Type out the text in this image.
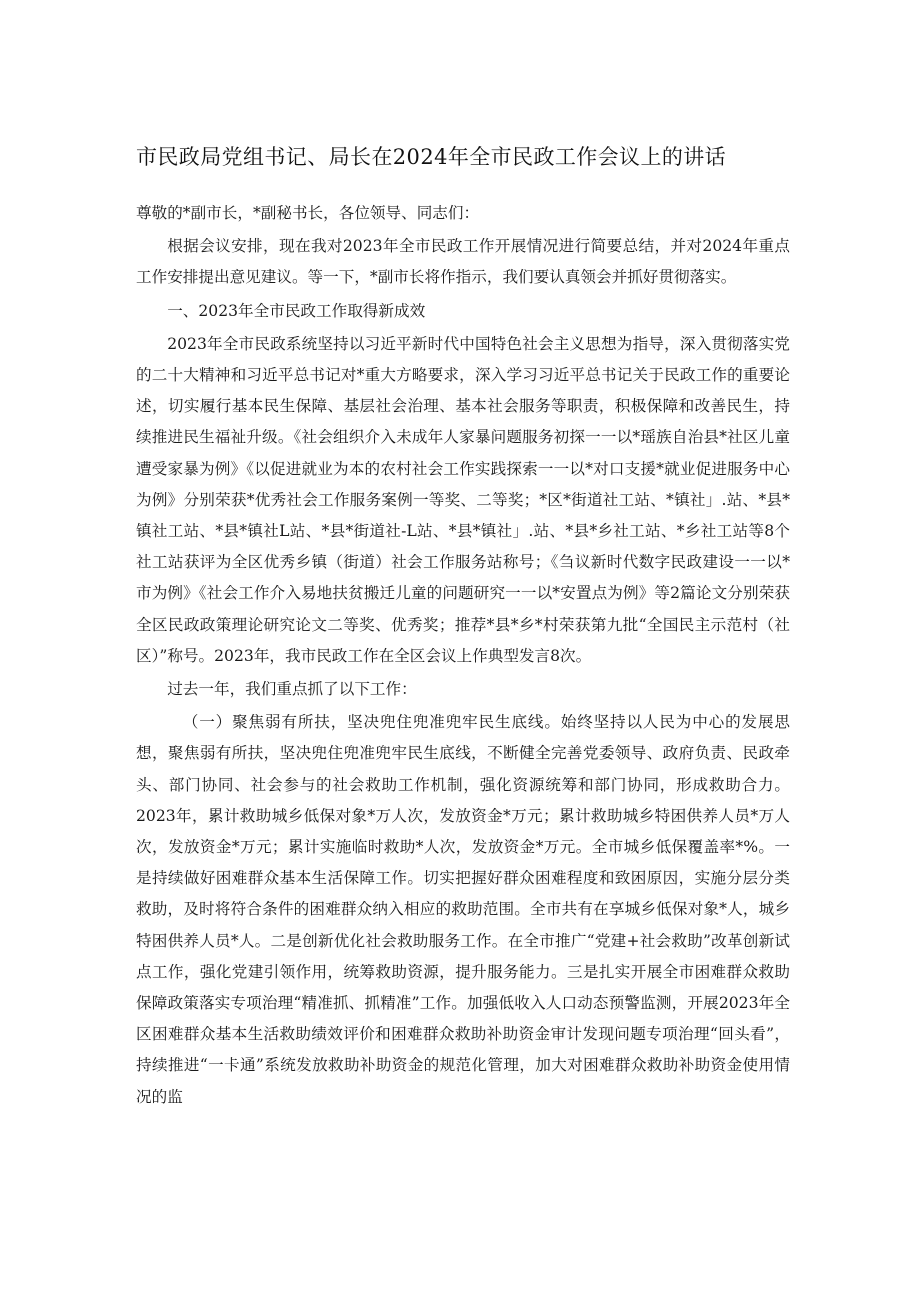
市民政局党组书记、局长在2024年全市民政工作会议上的讲话

尊敬的*副市长，*副秘书长，各位领导、同志们：

根据会议安排，现在我对2023年全市民政工作开展情况进行简要总结，并对2024年重点工作安排提出意见建议。等一下，*副市长将作指示，我们要认真领会并抓好贯彻落实。

一、2023年全市民政工作取得新成效

2023年全市民政系统坚持以习近平新时代中国特色社会主义思想为指导，深入贯彻落实党的二十大精神和习近平总书记对*重大方略要求，深入学习习近平总书记关于民政工作的重要论述，切实履行基本民生保障、基层社会治理、基本社会服务等职责，积极保障和改善民生，持续推进民生福祉升级。《社会组织介入未成年人家暴问题服务初探一一以*瑶族自治县*社区儿童遭受家暴为例》《以促进就业为本的农村社会工作实践探索一一以*对口支援*就业促进服务中心为例》分别荣获*优秀社会工作服务案例一等奖、二等奖；*区*街道社工站、*镇社」.站、*县*镇社工站、*县*镇社L站、*县*街道社-L站、*县*镇社」.站、*县*乡社工站、*乡社工站等8个社工站获评为全区优秀乡镇（街道）社会工作服务站称号；《刍议新时代数字民政建设一一以*市为例》《社会工作介入易地扶贫搬迁儿童的问题研究一一以*安置点为例》等2篇论文分别荣获全区民政政策理论研究论文二等奖、优秀奖；推荐*县*乡*村荣获第九批“全国民主示范村（社区）”称号。2023年，我市民政工作在全区会议上作典型发言8次。

过去一年，我们重点抓了以下工作：

（一）聚焦弱有所扶，坚决兜住兜准兜牢民生底线。始终坚持以人民为中心的发展思想，聚焦弱有所扶，坚决兜住兜准兜牢民生底线，不断健全完善党委领导、政府负责、民政牵头、部门协同、社会参与的社会救助工作机制，强化资源统筹和部门协同，形成救助合力。2023年，累计救助城乡低保对象*万人次，发放资金*万元；累计救助城乡特困供养人员*万人次，发放资金*万元；累计实施临时救助*人次，发放资金*万元。全市城乡低保覆盖率*%。一是持续做好困难群众基本生活保障工作。切实把握好群众困难程度和致困原因，实施分层分类救助，及时将符合条件的困难群众纳入相应的救助范围。全市共有在享城乡低保对象*人，城乡特困供养人员*人。二是创新优化社会救助服务工作。在全市推广“党建+社会救助”改革创新试点工作，强化党建引领作用，统筹救助资源，提升服务能力。三是扎实开展全市困难群众救助保障政策落实专项治理“精准抓、抓精准”工作。加强低收入人口动态预警监测，开展2023年全区困难群众基本生活救助绩效评价和困难群众救助补助资金审计发现问题专项治理“回头看”，持续推进“一卡通”系统发放救助补助资金的规范化管理，加大对困难群众救助补助资金使用情况的监
